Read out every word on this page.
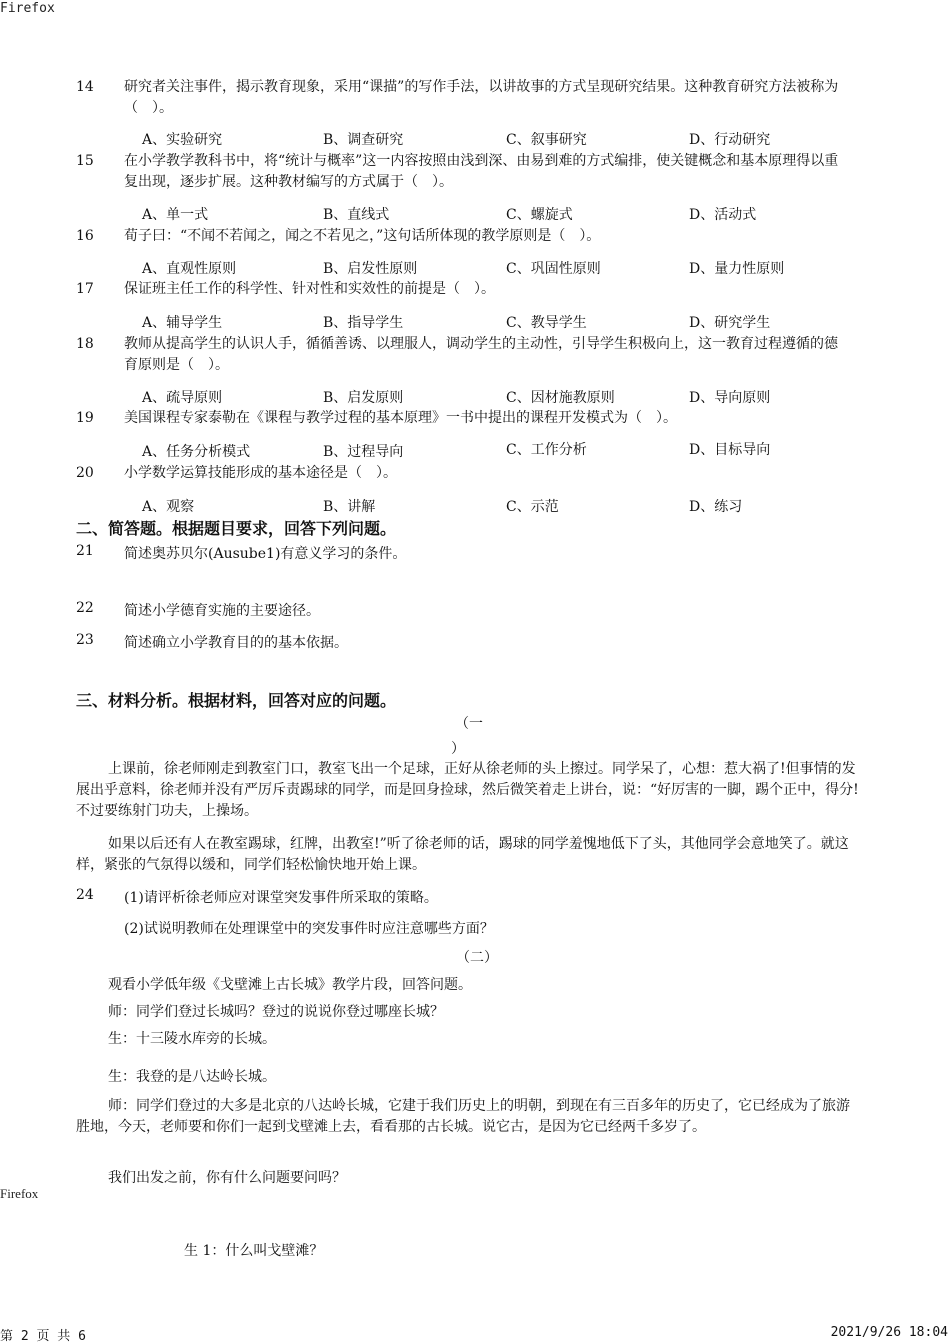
Firefox
14 研究者关注事件，揭示教育现象，采用“课描”的写作手法，以讲故事的方式呈现研究结果。这种教育研究方法被称为（　）。
A、实验研究	B、调查研究	C、叙事研究	D、行动研究
15 在小学教学教科书中，将“统计与概率”这一内容按照由浅到深、由易到难的方式编排，使关键概念和基本原理得以重复出现，逐步扩展。这种教材编写的方式属于（　）。
A、单一式	B、直线式	C、螺旋式	D、活动式
16 荀子曰：“不闻不若闻之，闻之不若见之，”这句话所体现的教学原则是（　）。
A、直观性原则	B、启发性原则	C、巩固性原则	D、量力性原则
17 保证班主任工作的科学性、针对性和实效性的前提是（　）。
A、辅导学生	B、指导学生	C、教导学生	D、研究学生
18 教师从提高学生的认识人手，循循善诱、以理服人，调动学生的主动性，引导学生积极向上，这一教育过程遵循的德育原则是（　）。
A、疏导原则	B、启发原则	C、因材施教原则	D、导向原则
19 美国课程专家泰勒在《课程与教学过程的基本原理》一书中提出的课程开发模式为（　）。
A、任务分析模式	B、过程导向	C、工作分析	D、目标导向
20 小学数学运算技能形成的基本途径是（　）。
A、观察	B、讲解	C、示范	D、练习
二、简答题。根据题目要求，回答下列问题。
21 简述奥苏贝尔(Ausube1)有意义学习的条件。
22 简述小学德育实施的主要途径。
23 简述确立小学教育目的的基本依据。
三、材料分析。根据材料，回答对应的问题。
（一
）
上课前，徐老师刚走到教室门口，教室飞出一个足球，正好从徐老师的头上擦过。同学呆了，心想：惹大祸了!但事情的发展出乎意料，徐老师并没有严厉斥责踢球的同学，而是回身捡球，然后微笑着走上讲台，说：“好厉害的一脚，踢个正中，得分!不过要练射门功夫，上操场。
如果以后还有人在教室踢球，红牌，出教室!”听了徐老师的话，踢球的同学羞愧地低下了头，其他同学会意地笑了。就这样，紧张的气氛得以缓和，同学们轻松愉快地开始上课。
24 (1)请评析徐老师应对课堂突发事件所采取的策略。
(2)试说明教师在处理课堂中的突发事件时应注意哪些方面？
（二）
观看小学低年级《戈壁滩上古长城》教学片段，回答问题。
师：同学们登过长城吗？登过的说说你登过哪座长城？
生：十三陵水库旁的长城。
生：我登的是八达岭长城。
师：同学们登过的大多是北京的八达岭长城，它建于我们历史上的明朝，到现在有三百多年的历史了，它已经成为了旅游胜地，今天，老师要和你们一起到戈壁滩上去，看看那的古长城。说它古，是因为它已经两千多岁了。
我们出发之前，你有什么问题要问吗？
Firefox
生 1：什么叫戈壁滩？
第 2 页 共 6	2021/9/26 18:04
